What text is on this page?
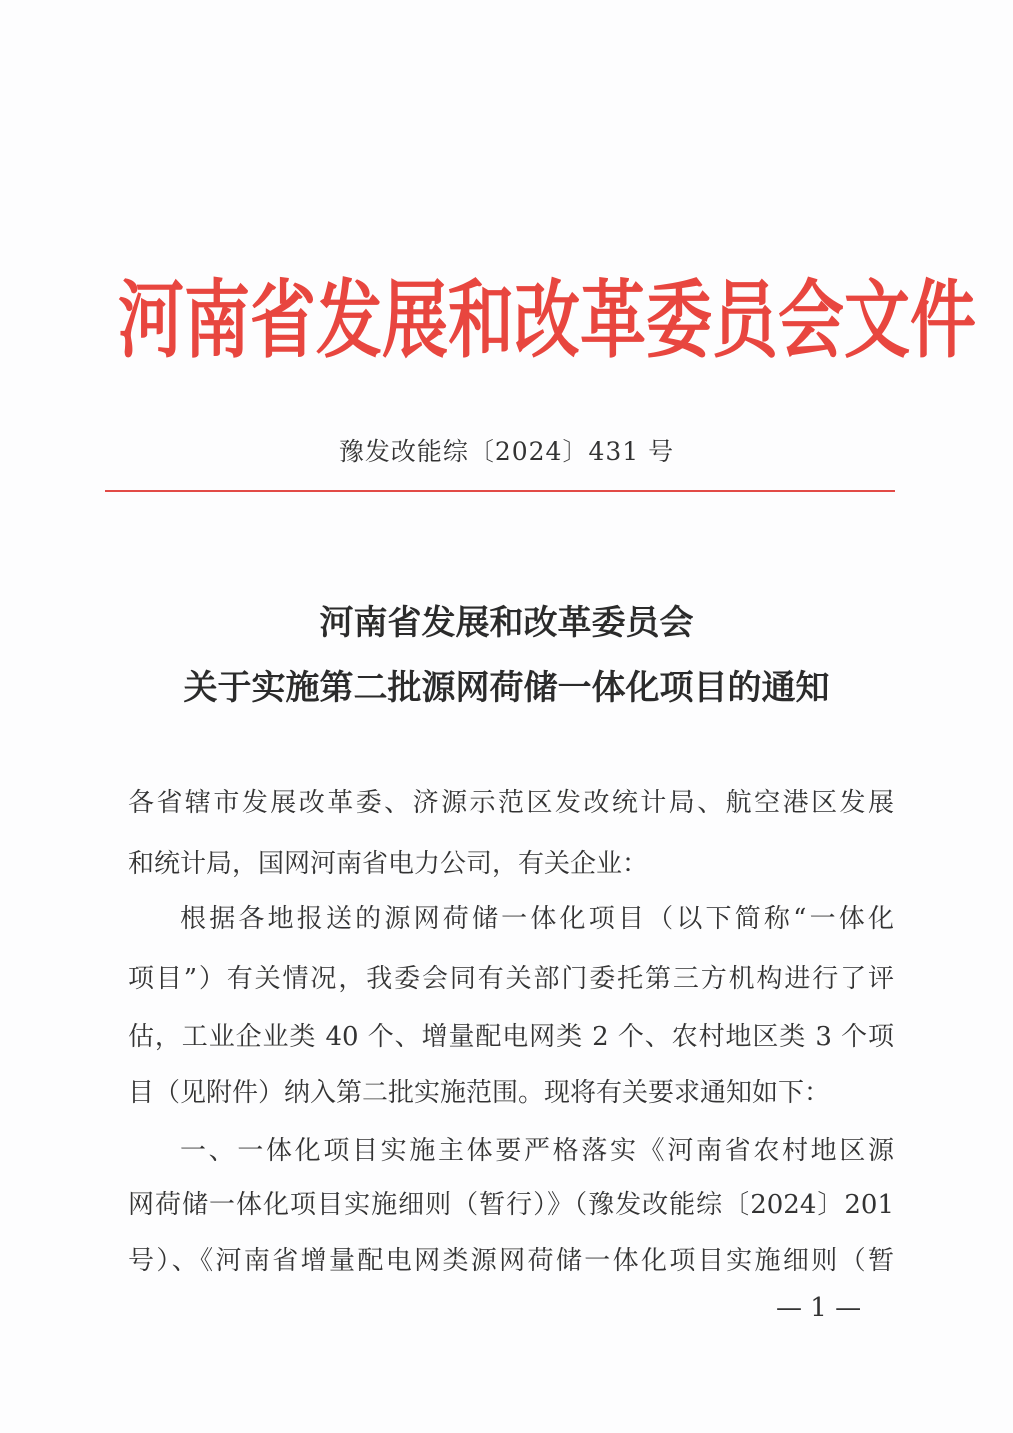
河南省发展和改革委员会文件
豫发改能综〔2024〕431 号
河南省发展和改革委员会
关于实施第二批源网荷储一体化项目的通知
各省辖市发展改革委、济源示范区发改统计局、航空港区发展
和统计局，国网河南省电力公司，有关企业：
根据各地报送的源网荷储一体化项目（以下简称“一体化
项目”）有关情况，我委会同有关部门委托第三方机构进行了评
估，工业企业类 40 个、增量配电网类 2 个、农村地区类 3 个项
目（见附件）纳入第二批实施范围。现将有关要求通知如下：
一、一体化项目实施主体要严格落实《河南省农村地区源
网荷储一体化项目实施细则（暂行）》（豫发改能综〔2024〕201
号）、《河南省增量配电网类源网荷储一体化项目实施细则（暂
— 1 —
